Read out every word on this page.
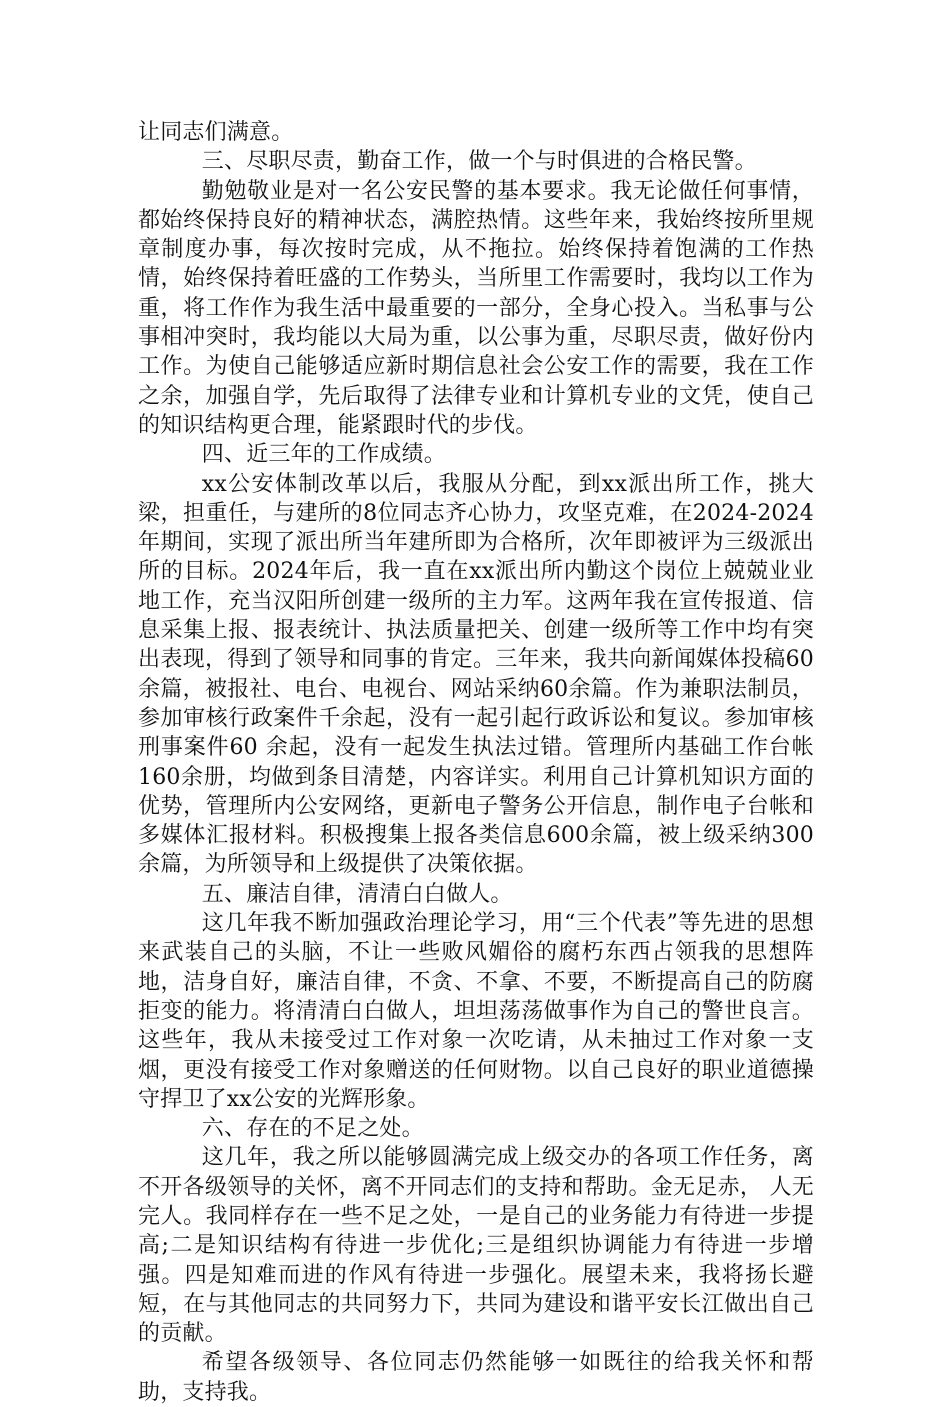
让同志们满意。

三、尽职尽责，勤奋工作，做一个与时俱进的合格民警。

勤勉敬业是对一名公安民警的基本要求。我无论做任何事情，都始终保持良好的精神状态，满腔热情。这些年来，我始终按所里规章制度办事，每次按时完成，从不拖拉。始终保持着饱满的工作热情，始终保持着旺盛的工作势头，当所里工作需要时，我均以工作为重，将工作作为我生活中最重要的一部分，全身心投入。当私事与公事相冲突时，我均能以大局为重，以公事为重，尽职尽责，做好份内工作。为使自己能够适应新时期信息社会公安工作的需要，我在工作之余，加强自学，先后取得了法律专业和计算机专业的文凭，使自己的知识结构更合理，能紧跟时代的步伐。

四、近三年的工作成绩。

xx公安体制改革以后，我服从分配，到xx派出所工作，挑大梁，担重任，与建所的8位同志齐心协力，攻坚克难，在2024-2024年期间，实现了派出所当年建所即为合格所，次年即被评为三级派出所的目标。2024年后，我一直在xx派出所内勤这个岗位上兢兢业业地工作，充当汉阳所创建一级所的主力军。这两年我在宣传报道、信息采集上报、报表统计、执法质量把关、创建一级所等工作中均有突出表现，得到了领导和同事的肯定。三年来，我共向新闻媒体投稿60余篇，被报社、电台、电视台、网站采纳60余篇。作为兼职法制员，参加审核行政案件千余起，没有一起引起行政诉讼和复议。参加审核刑事案件60 余起，没有一起发生执法过错。管理所内基础工作台帐160余册，均做到条目清楚，内容详实。利用自己计算机知识方面的优势，管理所内公安网络，更新电子警务公开信息，制作电子台帐和多媒体汇报材料。积极搜集上报各类信息600余篇，被上级采纳300余篇，为所领导和上级提供了决策依据。

五、廉洁自律，清清白白做人。

这几年我不断加强政治理论学习，用“三个代表”等先进的思想来武装自己的头脑，不让一些败风媚俗的腐朽东西占领我的思想阵地，洁身自好，廉洁自律，不贪、不拿、不要，不断提高自己的防腐拒变的能力。将清清白白做人，坦坦荡荡做事作为自己的警世良言。这些年，我从未接受过工作对象一次吃请，从未抽过工作对象一支烟，更没有接受工作对象赠送的任何财物。以自己良好的职业道德操守捍卫了xx公安的光辉形象。

六、存在的不足之处。

这几年，我之所以能够圆满完成上级交办的各项工作任务，离不开各级领导的关怀，离不开同志们的支持和帮助。金无足赤， 人无完人。我同样存在一些不足之处，一是自己的业务能力有待进一步提高;二是知识结构有待进一步优化;三是组织协调能力有待进一步增强。四是知难而进的作风有待进一步强化。展望未来，我将扬长避短，在与其他同志的共同努力下，共同为建设和谐平安长江做出自己的贡献。

希望各级领导、各位同志仍然能够一如既往的给我关怀和帮助，支持我。
